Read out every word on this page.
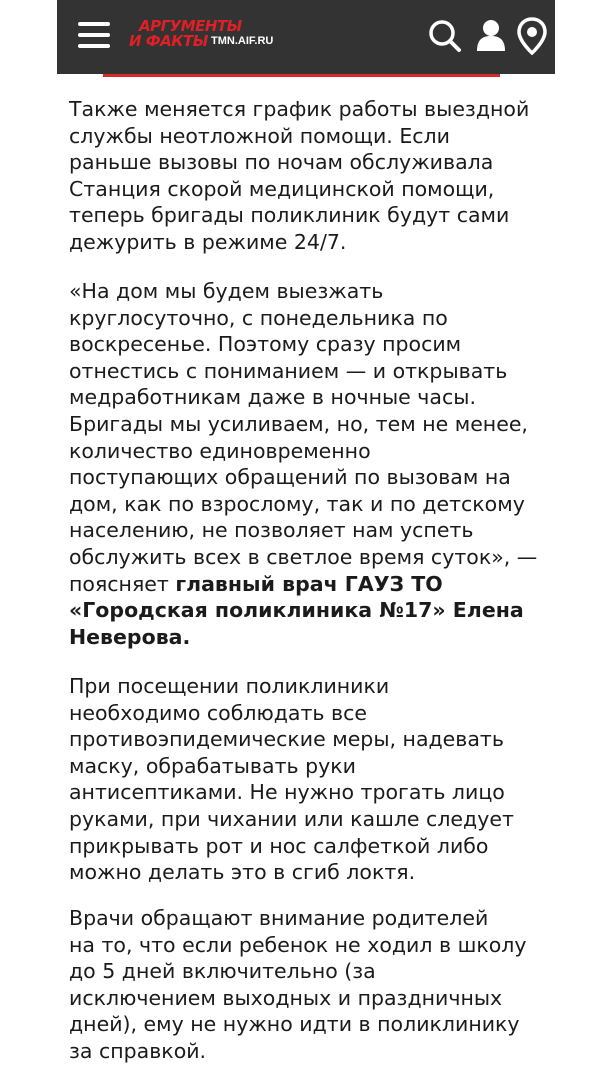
АРГУМЕНТЫ
И ФАКТЫ TMN.AIF.RU

Также меняется график работы выездной
службы неотложной помощи. Если
раньше вызовы по ночам обслуживала
Станция скорой медицинской помощи,
теперь бригады поликлиник будут сами
дежурить в режиме 24/7.

«На дом мы будем выезжать
круглосуточно, с понедельника по
воскресенье. Поэтому сразу просим
отнестись с пониманием — и открывать
медработникам даже в ночные часы.
Бригады мы усиливаем, но, тем не менее,
количество единовременно
поступающих обращений по вызовам на
дом, как по взрослому, так и по детскому
населению, не позволяет нам успеть
обслужить всех в светлое время суток», —
поясняет главный врач ГАУЗ ТО
«Городская поликлиника №17» Елена
Неверова.

При посещении поликлиники
необходимо соблюдать все
противоэпидемические меры, надевать
маску, обрабатывать руки
антисептиками. Не нужно трогать лицо
руками, при чихании или кашле следует
прикрывать рот и нос салфеткой либо
можно делать это в сгиб локтя.

Врачи обращают внимание родителей
на то, что если ребенок не ходил в школу
до 5 дней включительно (за
исключением выходных и праздничных
дней), ему не нужно идти в поликлинику
за справкой.
